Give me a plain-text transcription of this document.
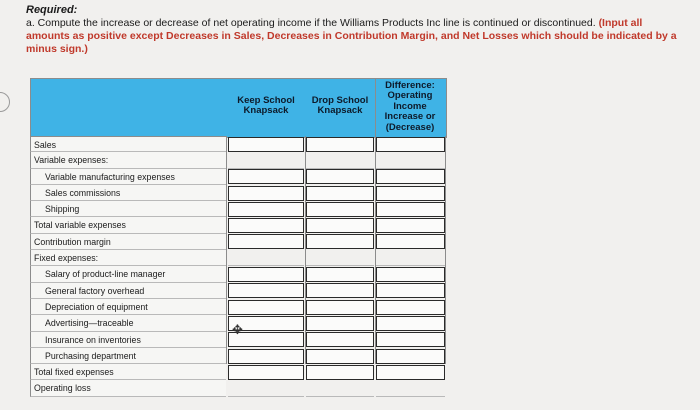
Required:
a. Compute the increase or decrease of net operating income if the Williams Products Inc line is continued or discontinued. (Input all amounts as positive except Decreases in Sales, Decreases in Contribution Margin, and Net Losses which should be indicated by a minus sign.)
Keep School
Knapsack
Drop School
Knapsack
Difference:
Operating
Income
Increase or
(Decrease)
Sales
Variable expenses:
Variable manufacturing expenses
Sales commissions
Shipping
Total variable expenses
Contribution margin
Fixed expenses:
Salary of product-line manager
General factory overhead
Depreciation of equipment
Advertising—traceable
Insurance on inventories
Purchasing department
Total fixed expenses
Operating loss
✥
